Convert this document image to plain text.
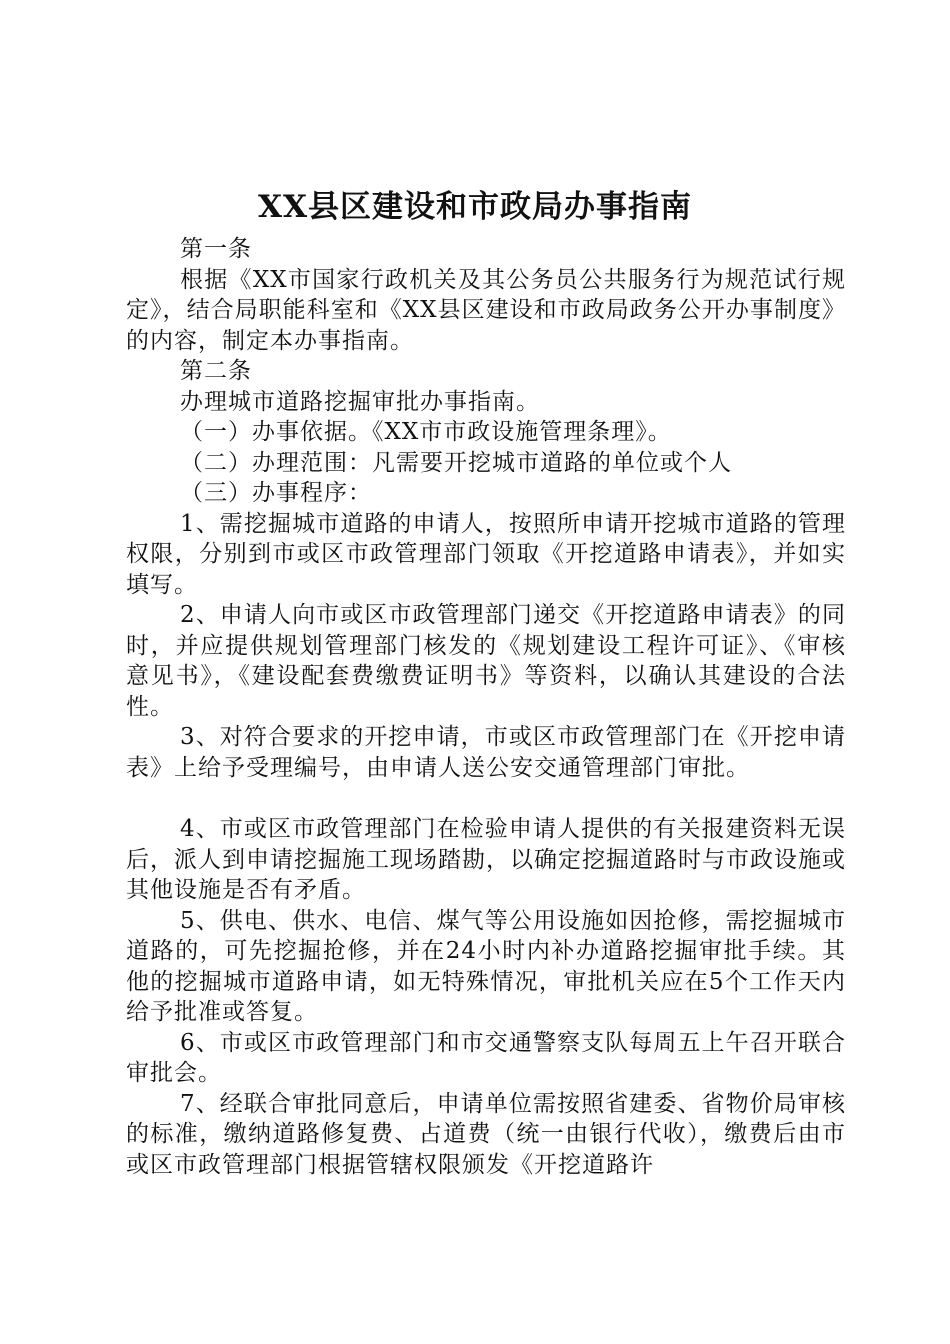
XX县区建设和市政局办事指南

第一条

根据《XX市国家行政机关及其公务员公共服务行为规范试行规定》，结合局职能科室和《XX县区建设和市政局政务公开办事制度》的内容，制定本办事指南。

第二条

办理城市道路挖掘审批办事指南。

（一）办事依据。《XX市市政设施管理条理》。

（二）办理范围：凡需要开挖城市道路的单位或个人

（三）办事程序：

1、需挖掘城市道路的申请人，按照所申请开挖城市道路的管理权限，分别到市或区市政管理部门领取《开挖道路申请表》，并如实填写。

2、申请人向市或区市政管理部门递交《开挖道路申请表》的同时，并应提供规划管理部门核发的《规划建设工程许可证》、《审核意见书》，《建设配套费缴费证明书》等资料，以确认其建设的合法性。

3、对符合要求的开挖申请，市或区市政管理部门在《开挖申请表》上给予受理编号，由申请人送公安交通管理部门审批。

4、市或区市政管理部门在检验申请人提供的有关报建资料无误后，派人到申请挖掘施工现场踏勘，以确定挖掘道路时与市政设施或其他设施是否有矛盾。

5、供电、供水、电信、煤气等公用设施如因抢修，需挖掘城市道路的，可先挖掘抢修，并在24小时内补办道路挖掘审批手续。其他的挖掘城市道路申请，如无特殊情况，审批机关应在5个工作天内给予批准或答复。

6、市或区市政管理部门和市交通警察支队每周五上午召开联合审批会。

7、经联合审批同意后，申请单位需按照省建委、省物价局审核的标准，缴纳道路修复费、占道费（统一由银行代收），缴费后由市或区市政管理部门根据管辖权限颁发《开挖道路许
